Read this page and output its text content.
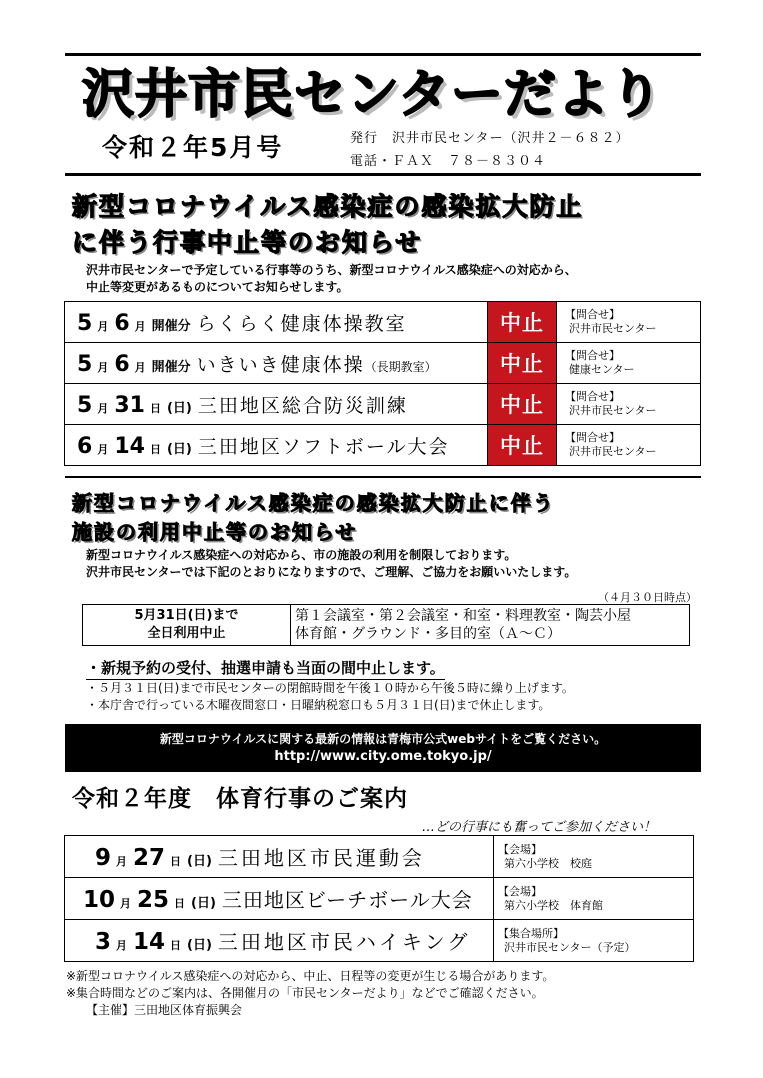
沢井市民センターだより
令和２年5月号	発行　沢井市民センター（沢井２－６８２）
電話・ＦＡＸ　７８－８３０４
新型コロナウイルス感染症の感染拡大防止
に伴う行事中止等のお知らせ
沢井市民センターで予定している行事等のうち、新型コロナウイルス感染症への対応から、
中止等変更があるものについてお知らせします。
5 月 6 月 開催分 らくらく健康体操教室	中止	【問合せ】
沢井市民センター

5 月 6 月 開催分 いきいき健康体操（長期教室）	中止	【問合せ】
健康センター

5 月 31 日 (日) 三田地区総合防災訓練	中止	【問合せ】
沢井市民センター

6 月 14 日 (日) 三田地区ソフトボール大会	中止	【問合せ】
沢井市民センター
新型コロナウイルス感染症の感染拡大防止に伴う
施設の利用中止等のお知らせ
新型コロナウイルス感染症への対応から、市の施設の利用を制限しております。
沢井市民センターでは下記のとおりになりますので、ご理解、ご協力をお願いいたします。
（４月３０日時点）
5月31日(日)まで
全日利用中止

第１会議室・第２会議室・和室・料理教室・陶芸小屋
体育館・グラウンド・多目的室（Ａ～Ｃ）
・新規予約の受付、抽選申請も当面の間中止します。
・５月３１日(日)まで市民センターの閉館時間を午後１０時から午後５時に繰り上げます。
・本庁舎で行っている木曜夜間窓口・日曜納税窓口も５月３１日(日)まで休止します。
新型コロナウイルスに関する最新の情報は青梅市公式webサイトをご覧ください。
http://www.city.ome.tokyo.jp/
令和２年度　体育行事のご案内
…どの行事にも奮ってご参加ください！
9 月 27 日 (日) 三田地区市民運動会	【会場】
第六小学校　校庭

10 月 25 日 (日) 三田地区ビーチボール大会	【会場】
第六小学校　体育館

3 月 14 日 (日) 三田地区市民ハイキング	【集合場所】
沢井市民センター（予定）
※新型コロナウイルス感染症への対応から、中止、日程等の変更が生じる場合があります。
※集合時間などのご案内は、各開催月の「市民センターだより」などでご確認ください。
【主催】三田地区体育振興会
